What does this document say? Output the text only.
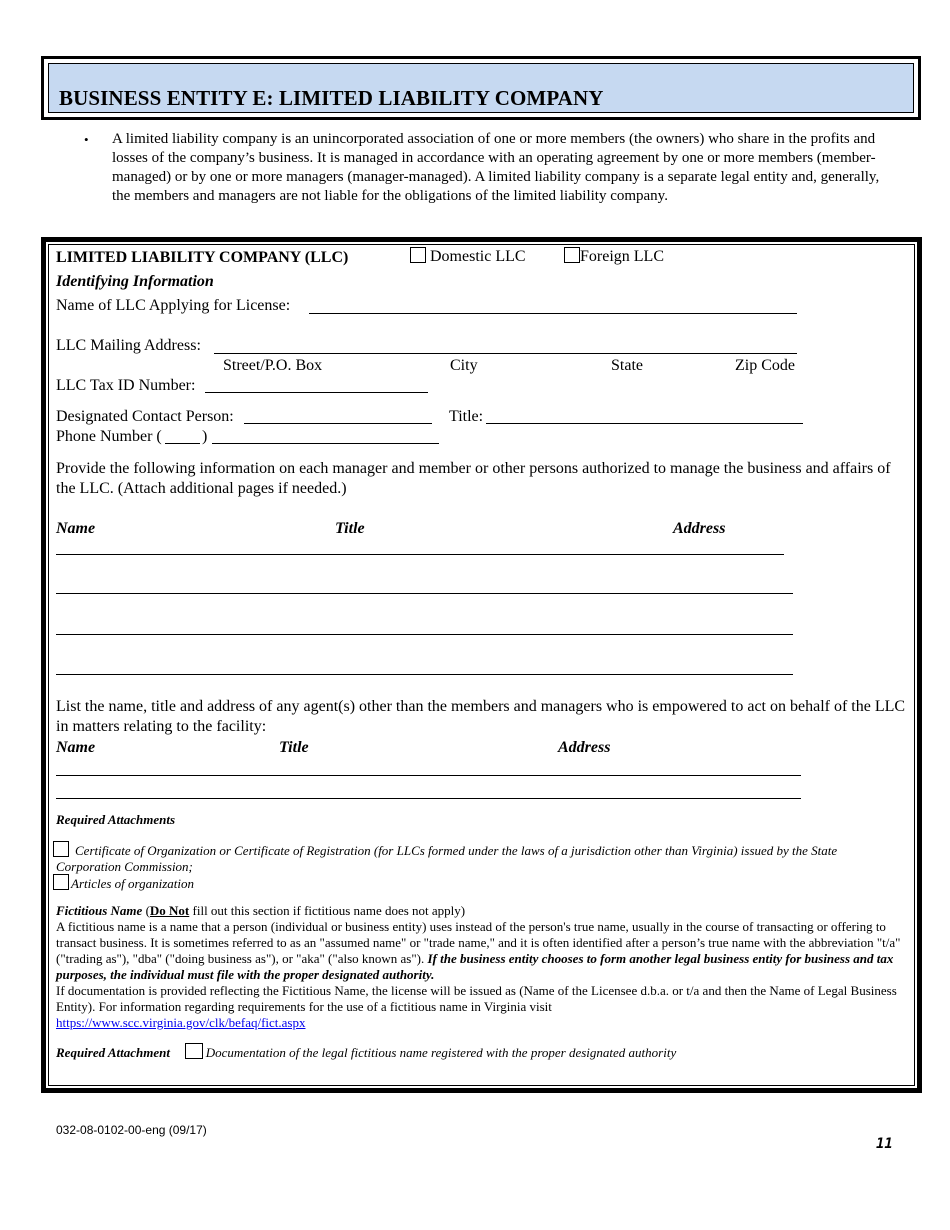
BUSINESS ENTITY E: LIMITED LIABILITY COMPANY
• A limited liability company is an unincorporated association of one or more members (the owners) who share in the profits and losses of the company’s business. It is managed in accordance with an operating agreement by one or more members (member-managed) or by one or more managers (manager-managed). A limited liability company is a separate legal entity and, generally, the members and managers are not liable for the obligations of the limited liability company.
LIMITED LIABILITY COMPANY (LLC)	Domestic LLC	Foreign LLC
Identifying Information
Name of LLC Applying for License:
LLC Mailing Address:
Street/P.O. Box	City	State	Zip Code
LLC Tax ID Number:
Designated Contact Person:	Title:
Phone Number (	)
Provide the following information on each manager and member or other persons authorized to manage the business and affairs of the LLC. (Attach additional pages if needed.)
Name	Title	Address
List the name, title and address of any agent(s) other than the members and managers who is empowered to act on behalf of the LLC in matters relating to the facility:
Name	Title	Address
Required Attachments
Certificate of Organization or Certificate of Registration (for LLCs formed under the laws of a jurisdiction other than Virginia) issued by the State Corporation Commission;
Articles of organization
Fictitious Name (Do Not fill out this section if fictitious name does not apply)
A fictitious name is a name that a person (individual or business entity) uses instead of the person's true name, usually in the course of transacting or offering to transact business. It is sometimes referred to as an "assumed name" or "trade name," and it is often identified after a person’s true name with the abbreviation "t/a" ("trading as"), "dba" ("doing business as"), or "aka" ("also known as"). If the business entity chooses to form another legal business entity for business and tax purposes, the individual must file with the proper designated authority.
If documentation is provided reflecting the Fictitious Name, the license will be issued as (Name of the Licensee d.b.a. or t/a and then the Name of Legal Business Entity). For information regarding requirements for the use of a fictitious name in Virginia visit
https://www.scc.virginia.gov/clk/befaq/fict.aspx
Required Attachment	Documentation of the legal fictitious name registered with the proper designated authority
032-08-0102-00-eng (09/17)
11
